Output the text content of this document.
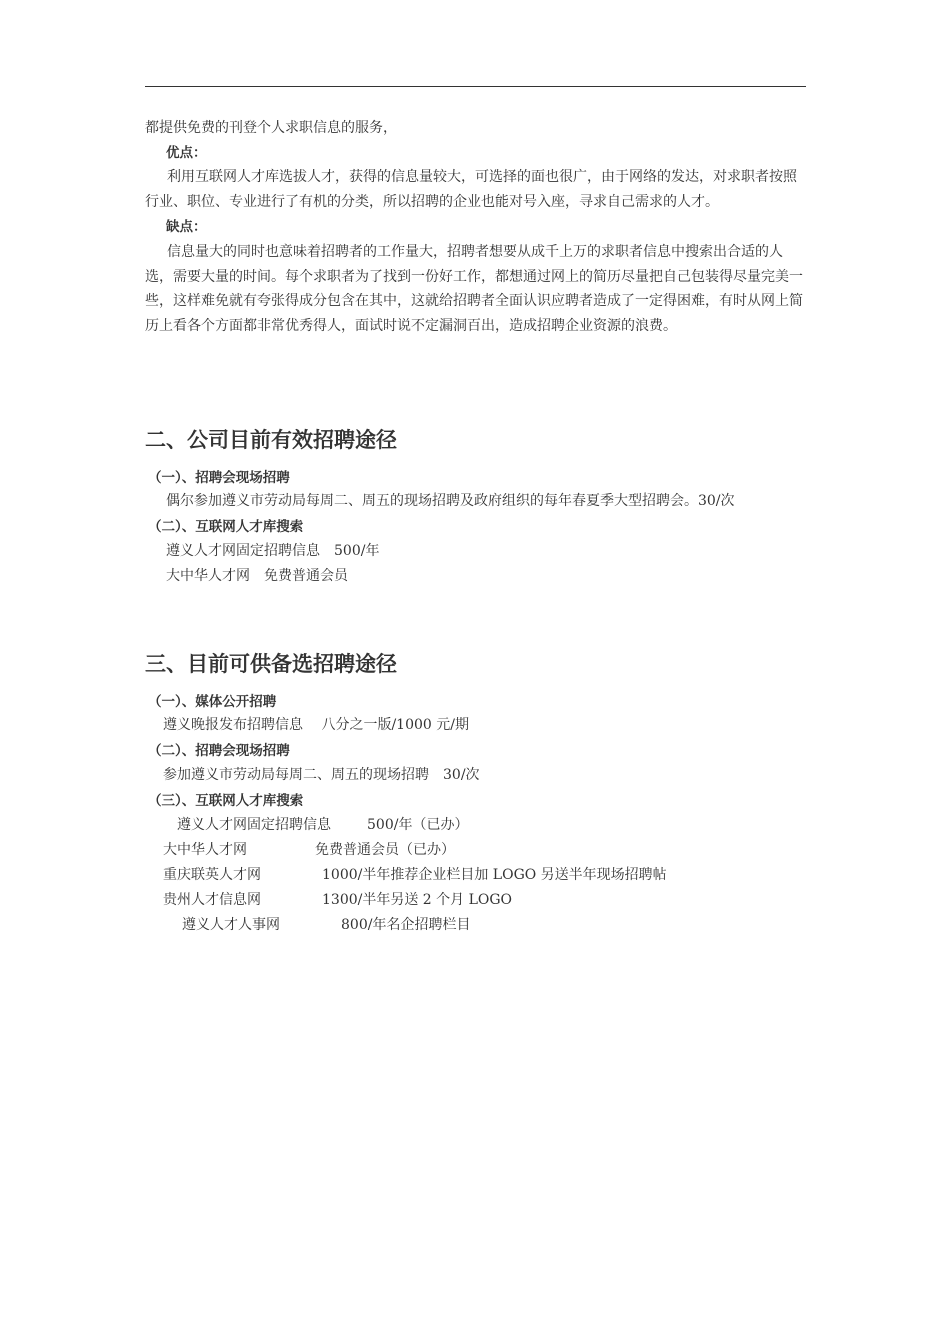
都提供免费的刊登个人求职信息的服务，
优点：
利用互联网人才库选拔人才，获得的信息量较大，可选择的面也很广，由于网络的发达，对求职者按照行业、职位、专业进行了有机的分类，所以招聘的企业也能对号入座，寻求自己需求的人才。
缺点：
信息量大的同时也意味着招聘者的工作量大，招聘者想要从成千上万的求职者信息中搜索出合适的人选，需要大量的时间。每个求职者为了找到一份好工作，都想通过网上的简历尽量把自己包装得尽量完美一些，这样难免就有夸张得成分包含在其中，这就给招聘者全面认识应聘者造成了一定得困难，有时从网上简历上看各个方面都非常优秀得人，面试时说不定漏洞百出，造成招聘企业资源的浪费。
二、公司目前有效招聘途径
（一）、招聘会现场招聘
偶尔参加遵义市劳动局每周二、周五的现场招聘及政府组织的每年春夏季大型招聘会。30/次
（二）、互联网人才库搜索
遵义人才网固定招聘信息　500/年
大中华人才网　免费普通会员
三、目前可供备选招聘途径
（一）、媒体公开招聘
遵义晚报发布招聘信息　 八分之一版/1000 元/期
（二）、招聘会现场招聘
参加遵义市劳动局每周二、周五的现场招聘　30/次
（三）、互联网人才库搜索
遵义人才网固定招聘信息	500/年（已办）
大中华人才网	免费普通会员（已办）
重庆联英人才网	1000/半年推荐企业栏目加 LOGO 另送半年现场招聘帖
贵州人才信息网	1300/半年另送 2 个月 LOGO
遵义人才人事网	800/年名企招聘栏目
